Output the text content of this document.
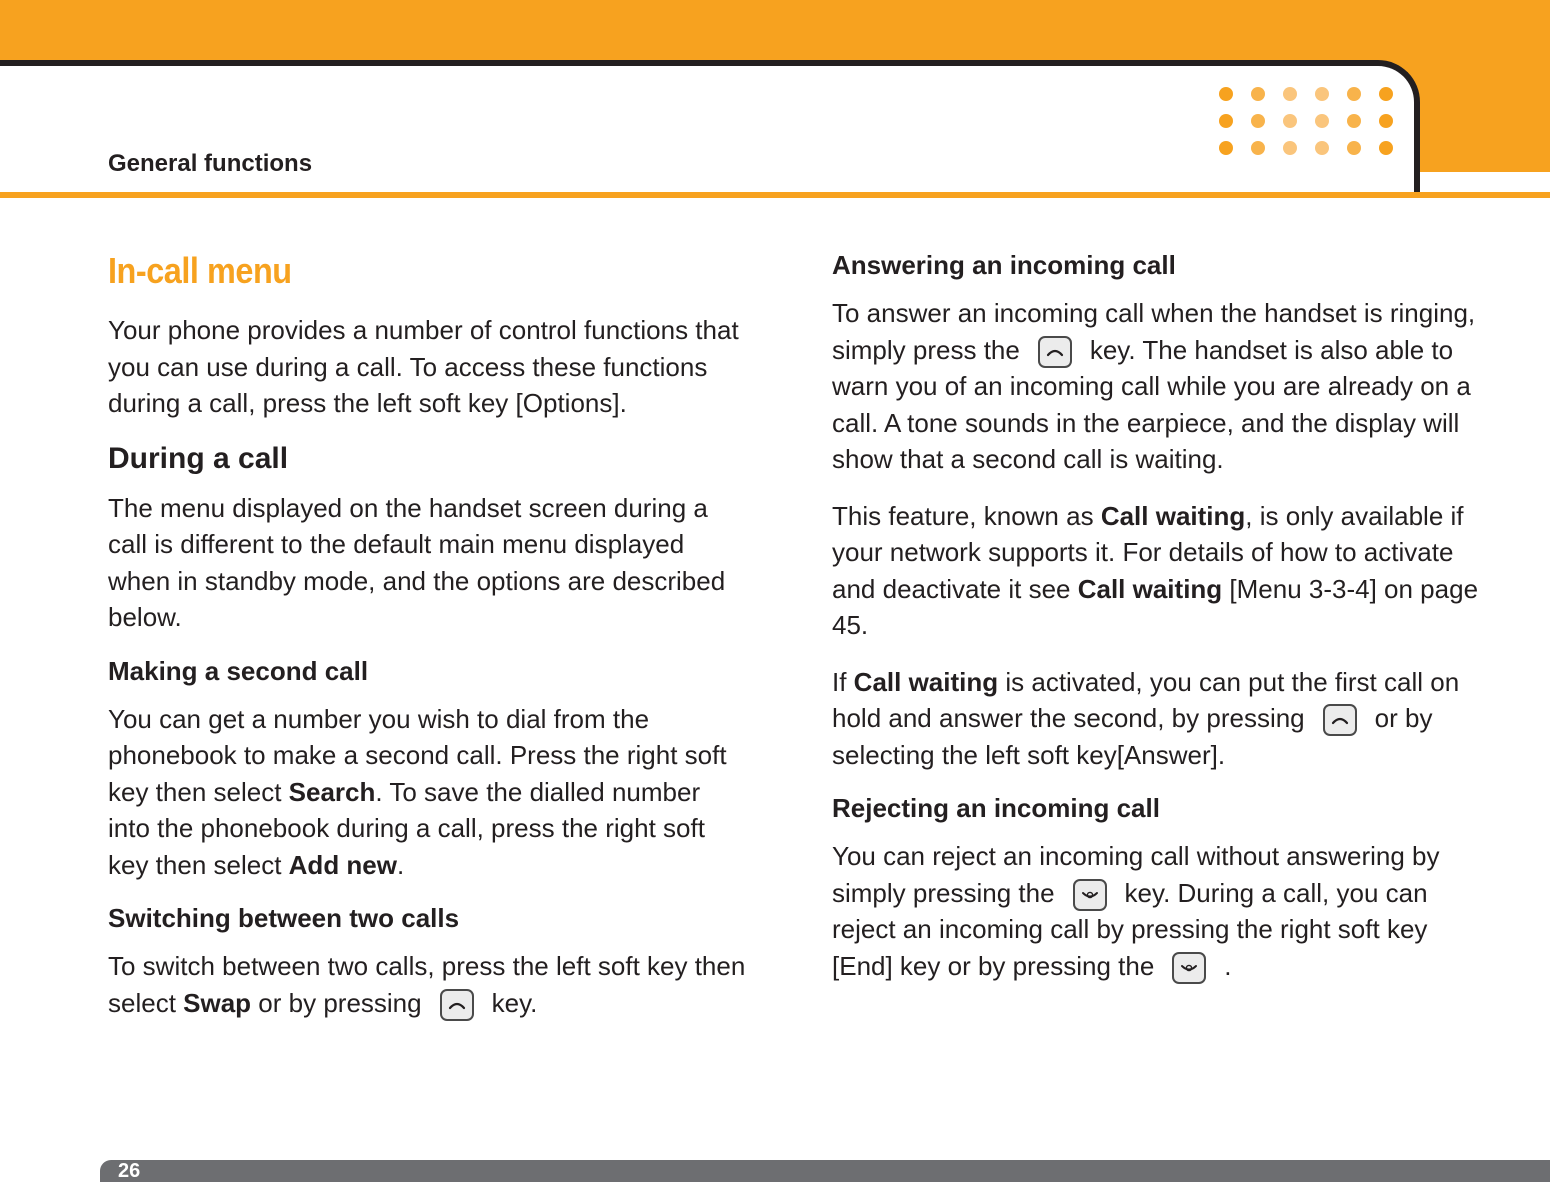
General functions
In-call menu

Your phone provides a number of control functions that you can use during a call. To access these functions during a call, press the left soft key [Options].

During a call

The menu displayed on the handset screen during a call is different to the default main menu displayed when in standby mode, and the options are described below.

Making a second call

You can get a number you wish to dial from the phonebook to make a second call. Press the right soft key then select Search. To save the dialled number into the phonebook during a call, press the right soft key then select Add new.

Switching between two calls

To switch between two calls, press the left soft key then select Swap or by pressing	key.

Answering an incoming call

To answer an incoming call when the handset is ringing, simply press the	key. The handset is also able to warn you of an incoming call while you are already on a call. A tone sounds in the earpiece, and the display will show that a second call is waiting.

This feature, known as Call waiting, is only available if your network supports it. For details of how to activate and deactivate it see Call waiting [Menu 3-3-4] on page 45.

If Call waiting is activated, you can put the first call on hold and answer the second, by pressing	or by selecting the left soft key[Answer].

Rejecting an incoming call

You can reject an incoming call without answering by simply pressing the	key. During a call, you can reject an incoming call by pressing the right soft key [End] key or by pressing the	.

26
